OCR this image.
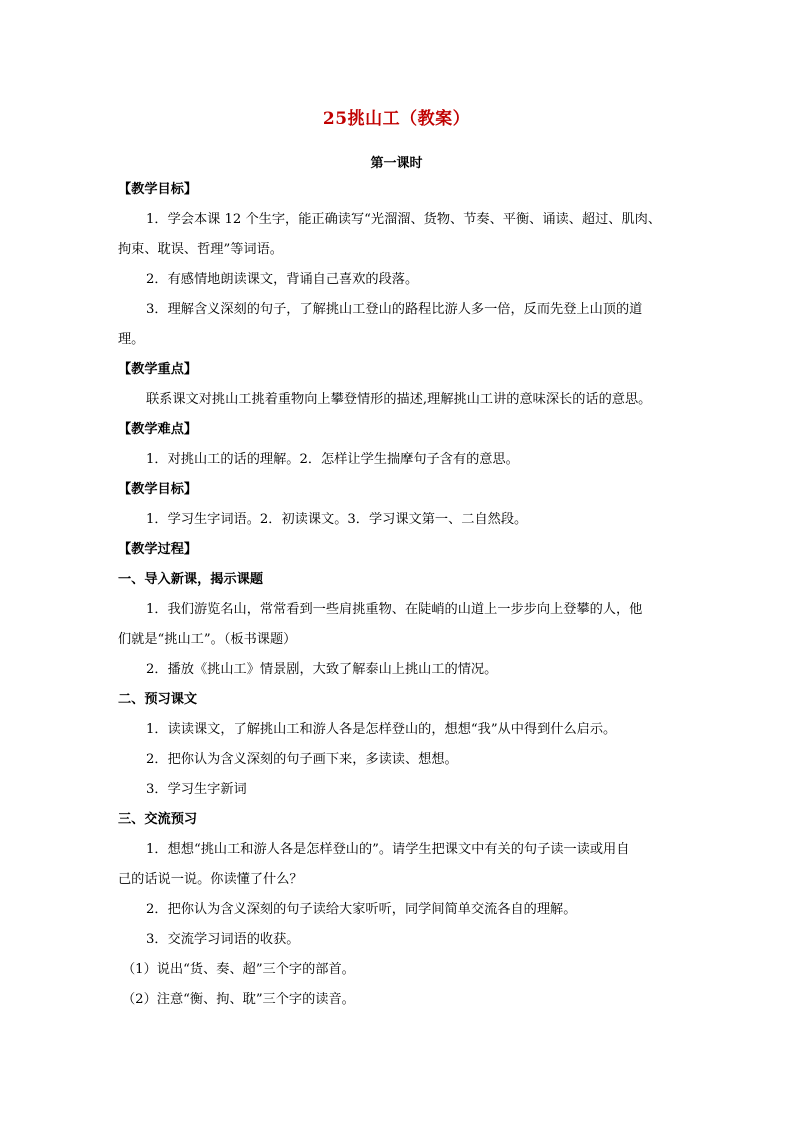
25挑山工（教案）
第一课时
【教学目标】
1．学会本课 12 个生字，能正确读写“光溜溜、货物、节奏、平衡、诵读、超过、肌肉、
拘束、耽误、哲理”等词语。
2．有感情地朗读课文，背诵自己喜欢的段落。
3．理解含义深刻的句子，了解挑山工登山的路程比游人多一倍，反而先登上山顶的道
理。
【教学重点】
联系课文对挑山工挑着重物向上攀登情形的描述,理解挑山工讲的意味深长的话的意思。
【教学难点】
1．对挑山工的话的理解。2．怎样让学生揣摩句子含有的意思。
【教学目标】
1．学习生字词语。2．初读课文。3．学习课文第一、二自然段。
【教学过程】
一、导入新课，揭示课题
1．我们游览名山，常常看到一些肩挑重物、在陡峭的山道上一步步向上登攀的人，他
们就是“挑山工”。（板书课题）
2．播放《挑山工》情景剧，大致了解泰山上挑山工的情况。
二、预习课文
1．读读课文，了解挑山工和游人各是怎样登山的，想想“我”从中得到什么启示。
2．把你认为含义深刻的句子画下来，多读读、想想。
3．学习生字新词
三、交流预习
1．想想“挑山工和游人各是怎样登山的”。请学生把课文中有关的句子读一读或用自
己的话说一说。你读懂了什么？
2．把你认为含义深刻的句子读给大家听听，同学间简单交流各自的理解。
3．交流学习词语的收获。
（1）说出“货、奏、超”三个字的部首。
（2）注意“衡、拘、耽”三个字的读音。
